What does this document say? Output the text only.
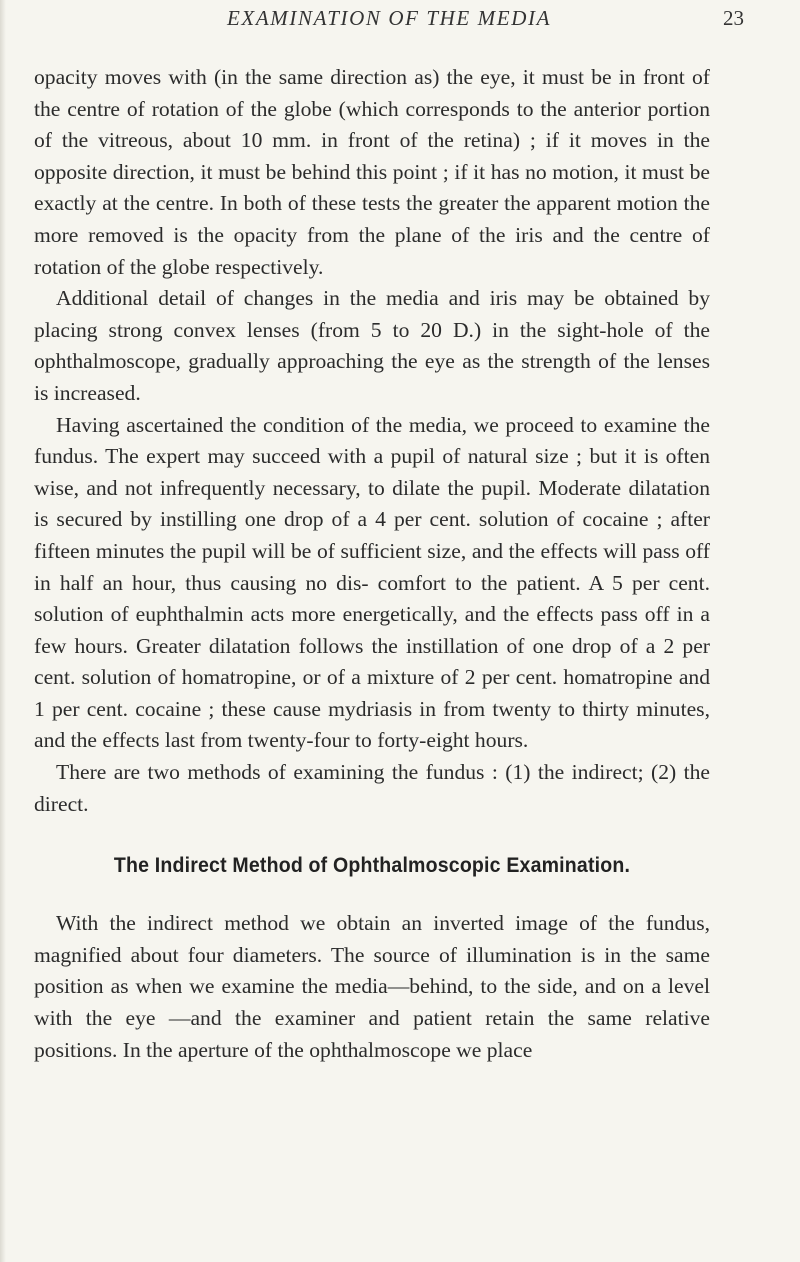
EXAMINATION OF THE MEDIA	23

opacity moves with (in the same direction as) the eye, it must be in front of the centre of rotation of the globe (which corresponds to the anterior portion of the vitreous, about 10 mm. in front of the retina) ; if it moves in the opposite direction, it must be behind this point ; if it has no motion, it must be exactly at the centre. In both of these tests the greater the apparent motion the more removed is the opacity from the plane of the iris and the centre of rotation of the globe respectively.

Additional detail of changes in the media and iris may be obtained by placing strong convex lenses (from 5 to 20 D.) in the sight-hole of the ophthalmoscope, gradually approaching the eye as the strength of the lenses is increased.

Having ascertained the condition of the media, we proceed to examine the fundus. The expert may succeed with a pupil of natural size ; but it is often wise, and not infrequently necessary, to dilate the pupil. Moderate dilatation is secured by instilling one drop of a 4 per cent. solution of cocaine ; after fifteen minutes the pupil will be of sufficient size, and the effects will pass off in half an hour, thus causing no dis- comfort to the patient. A 5 per cent. solution of euphthalmin acts more energetically, and the effects pass off in a few hours. Greater dilatation follows the instillation of one drop of a 2 per cent. solution of homatropine, or of a mixture of 2 per cent. homatropine and 1 per cent. cocaine ; these cause mydriasis in from twenty to thirty minutes, and the effects last from twenty-four to forty-eight hours.

There are two methods of examining the fundus : (1) the indirect; (2) the direct.

The Indirect Method of Ophthalmoscopic Examination.

With the indirect method we obtain an inverted image of the fundus, magnified about four diameters. The source of illumination is in the same position as when we examine the media—behind, to the side, and on a level with the eye —and the examiner and patient retain the same relative positions. In the aperture of the ophthalmoscope we place
